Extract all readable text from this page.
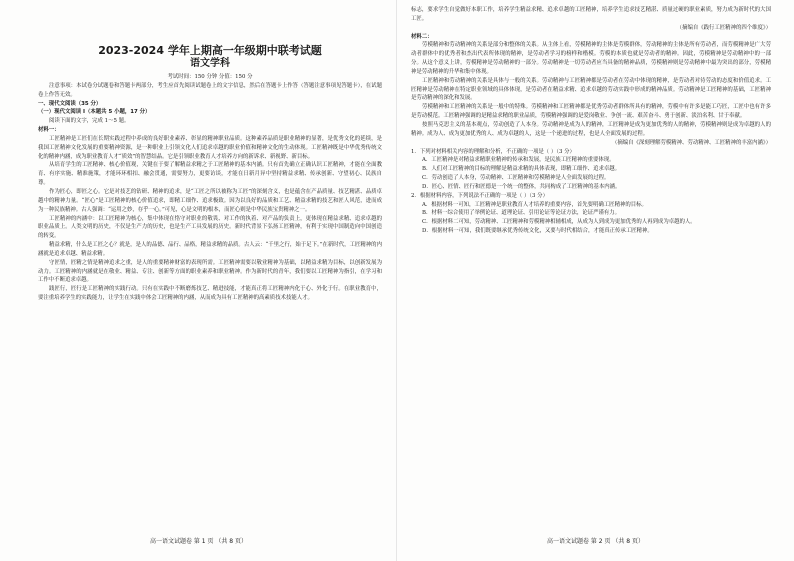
2023-2024 学年上期高一年级期中联考试题
语文学科
考试时间：150 分钟 分值：150 分

注意事项：本试卷分试题卷和答题卡两部分，考生应首先阅读试题卷上的文字信息，然后在答题卡上作答（答题注意事项见答题卡），在试题卷上作答无效。

一、现代文阅读（35 分）
（一）现代文阅读 I（本题共 5 小题，17 分）

阅读下面的文字，完成 1～5 题。

材料一：

工匠精神是工匠们在长期实践过程中养成的良好职业素养、彰显的精神职业品质。这种素养品质是职业精神的显著，是优秀文化的延续，是我国工匠精神文化发展的重要精神资源，是一种职业上引领文化人们追求卓越的职业价值和精神文化的生动体现。工匠精神既是中华优秀传统文化的精神内涵，成为职业教育人才“质效”的智慧结晶。它是引领职业教育人才培养方向的新诉求、新视野、新目标。

从培育学生的工匠精神、核心价值观，关键在于要了解精益求精之于工匠精神的基本内涵。只有首先确立正确认识工匠精神，才能在全面教育、有序实施、精准施策，才能环环相扣、融会贯通，需要努力，更要访谈，才能在日新月异中坚持精益求精、传承创新、守望初心、民族自尊。

作为匠心，即匠之心。它是对技艺的钻研、精神的追求，是“工匠之所以被称为工匠”的深刻含义，也是蕴含在产品质量、技艺精湛、品质卓越中的精神力量。“匠心”是工匠精神的核心价值追求，即精工细作、追求极致。因为以良好的品质和工艺、精益求精的技艺和匠人风范，进而成为一种民族精神。古人强调：“运用之妙，存乎一心。”可见，心是文明的根本，而匠心则是中华民族宝贵精神之一。

工匠精神的内涵中：以工匠精神为核心，集中体现在恪守对职业的敬畏、对工作的执着、对产品的负责上，更体现在精益求精、追求卓越的职业品质上。人类文明的历史，不仅是生产力的历史，也是生产工具发展的历史。新时代背景下弘扬工匠精神，有利于实现中国制造向中国创造的转变。

精益求精，什么是工匠之心？就是，是人的品德、品行、品格，精益求精的品质。古人云：“千里之行，始于足下。”在新时代，工匠精神的内涵就是追求卓越、精益求精。

守匠情，匠精之情是精神追求之重，是人的重要精神财富的表现所需。工匠精神需要以敬业精神为基础，以精益求精为目标，以创新发展为动力。工匠精神的内涵就是在敬业、精益、专注、创新等方面的职业素养和职业精神。作为新时代的青年，我们要以工匠精神为指引，在学习和工作中不断追求卓越。

践匠行，匠行是工匠精神的实践行动。只有在实践中不断磨炼技艺、精进技能，才能真正将工匠精神内化于心、外化于行。在职业教育中，要注重培养学生的实践能力，让学生在实践中体会工匠精神的内涵，从而成为具有工匠精神的高素质技术技能人才。

高一语文试题卷 第 1 页 （共 8 页）

标志，要求学生自觉做好本职工作，培养学生精益求精、追求卓越的工匠精神，培养学生追求技艺精湛、质量过硬的职业素质，努力成为新时代的大国工匠。

（摘编自《践行工匠精神的四个维度》）
材料二：

劳模精神和劳动精神的关系是部分和整体的关系。从主体上看，劳模精神的主体是劳模群体，劳动精神的主体是所有劳动者，而劳模精神是广大劳动者群体中的优秀者和杰出代表所体现的精神，是劳动者学习的榜样和楷模。劳模的本质也就是劳动者的精神。因此，劳模精神是劳动精神中的一部分。从这个意义上讲，劳模精神是劳动精神的一部分。劳动精神是一切劳动者应当具备的精神品质，劳模精神则是劳动精神中最为突出的部分，劳模精神是劳动精神的升华和集中体现。

工匠精神和劳动精神的关系是具体与一般的关系。劳动精神与工匠精神都是劳动者在劳动中体现的精神，是劳动者对待劳动的态度和价值追求。工匠精神是劳动精神在特定职业领域的具体体现，是劳动者在精益求精、追求卓越的劳动实践中形成的精神品质。劳动精神是工匠精神的基础，工匠精神是劳动精神的深化和发展。

劳模精神和工匠精神的关系是一般中的特殊。劳模精神和工匠精神都是优秀劳动者群体所具有的精神，劳模中有许多是能工巧匠，工匠中也有许多是劳动模范。工匠精神强调的是精益求精的职业品质，劳模精神强调的是爱岗敬业、争创一流、艰苦奋斗、勇于创新、淡泊名利、甘于奉献。

按照马克思主义的基本观点，劳动创造了人本身。劳动精神是成为人的精神，工匠精神是成为更加优秀的人的精神，劳模精神则是成为卓越的人的精神。成为人、成为更加优秀的人、成为卓越的人，这是一个递进的过程，也是人全面发展的过程。

（摘编自《深刻理解劳模精神、劳动精神、工匠精神的丰富内涵》）

1．下列对材料相关内容的理解和分析，不正确的一项是（ ）（3 分）

A．工匠精神是对精益求精职业精神的传承和发展，是民族工匠精神的重要体现。

B．人们对工匠精神的目标的理解是精益求精的具体表现，即精工细作、追求卓越。

C．劳动创造了人本身，劳动精神、工匠精神和劳模精神是人全面发展的过程。

D．匠心、匠情、匠行和匠德是一个统一的整体，共同构成了工匠精神的基本内涵。

2．根据材料内容，下列说法不正确的一项是（ ）（3 分）

A．根据材料一可知，工匠精神是职业教育人才培养的重要内容，首先要明确工匠精神的目标。

B．材料一综合使用了举例论证、道理论证、引用论证等论证方法，论证严谨有力。

C．根据材料二可知，劳动精神、工匠精神和劳模精神相辅相成，从成为人到成为更加优秀的人再到成为卓越的人。

D．根据材料一可知，我们既要继承优秀传统文化，又要与时代相结合，才能真正传承工匠精神。

高一语文试题卷 第 2 页 （共 8 页）
